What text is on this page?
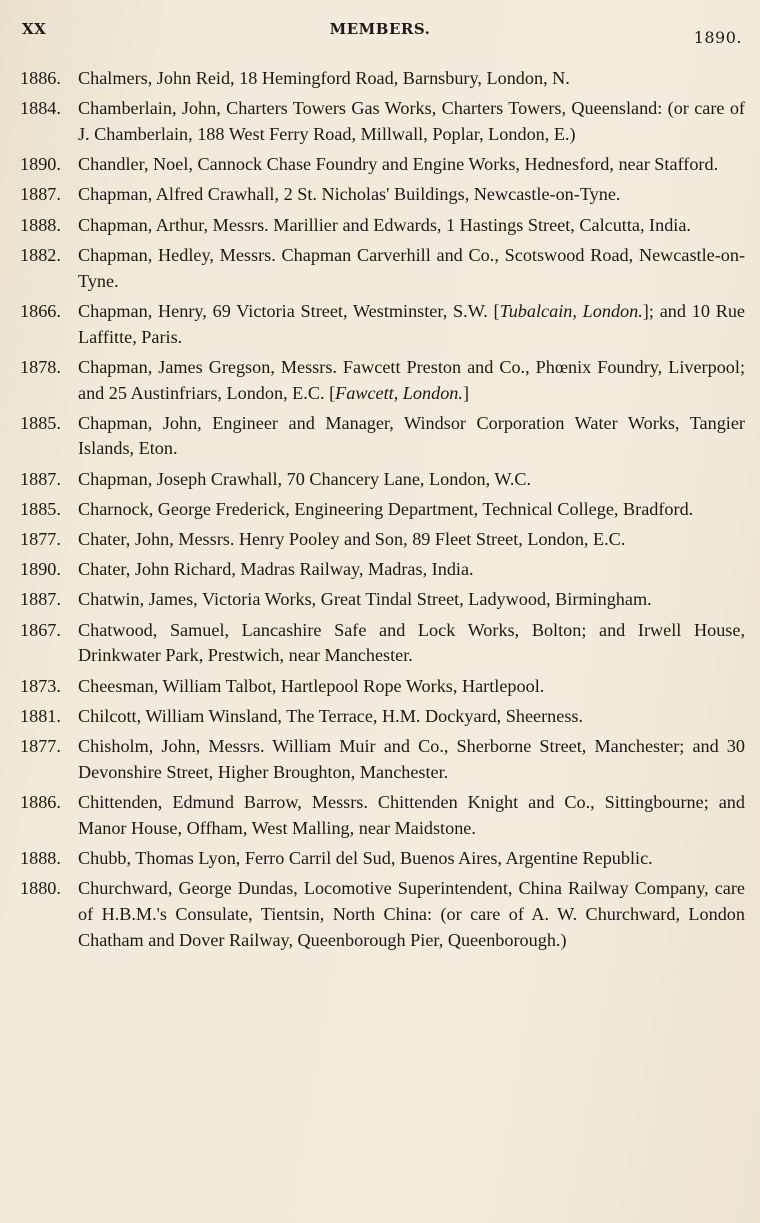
XX	MEMBERS.	1890.
1886. Chalmers, John Reid, 18 Hemingford Road, Barnsbury, London, N.
1884. Chamberlain, John, Charters Towers Gas Works, Charters Towers, Queensland: (or care of J. Chamberlain, 188 West Ferry Road, Millwall, Poplar, London, E.)
1890. Chandler, Noel, Cannock Chase Foundry and Engine Works, Hednesford, near Stafford.
1887. Chapman, Alfred Crawhall, 2 St. Nicholas' Buildings, Newcastle-on-Tyne.
1888. Chapman, Arthur, Messrs. Marillier and Edwards, 1 Hastings Street, Calcutta, India.
1882. Chapman, Hedley, Messrs. Chapman Carverhill and Co., Scotswood Road, Newcastle-on-Tyne.
1866. Chapman, Henry, 69 Victoria Street, Westminster, S.W. [Tubalcain, London.]; and 10 Rue Laffitte, Paris.
1878. Chapman, James Gregson, Messrs. Fawcett Preston and Co., Phœnix Foundry, Liverpool; and 25 Austinfriars, London, E.C. [Fawcett, London.]
1885. Chapman, John, Engineer and Manager, Windsor Corporation Water Works, Tangier Islands, Eton.
1887. Chapman, Joseph Crawhall, 70 Chancery Lane, London, W.C.
1885. Charnock, George Frederick, Engineering Department, Technical College, Bradford.
1877. Chater, John, Messrs. Henry Pooley and Son, 89 Fleet Street, London, E.C.
1890. Chater, John Richard, Madras Railway, Madras, India.
1887. Chatwin, James, Victoria Works, Great Tindal Street, Ladywood, Birmingham.
1867. Chatwood, Samuel, Lancashire Safe and Lock Works, Bolton; and Irwell House, Drinkwater Park, Prestwich, near Manchester.
1873. Cheesman, William Talbot, Hartlepool Rope Works, Hartlepool.
1881. Chilcott, William Winsland, The Terrace, H.M. Dockyard, Sheerness.
1877. Chisholm, John, Messrs. William Muir and Co., Sherborne Street, Manchester; and 30 Devonshire Street, Higher Broughton, Manchester.
1886. Chittenden, Edmund Barrow, Messrs. Chittenden Knight and Co., Sittingbourne; and Manor House, Offham, West Malling, near Maidstone.
1888. Chubb, Thomas Lyon, Ferro Carril del Sud, Buenos Aires, Argentine Republic.
1880. Churchward, George Dundas, Locomotive Superintendent, China Railway Company, care of H.B.M.'s Consulate, Tientsin, North China: (or care of A. W. Churchward, London Chatham and Dover Railway, Queenborough Pier, Queenborough.)
